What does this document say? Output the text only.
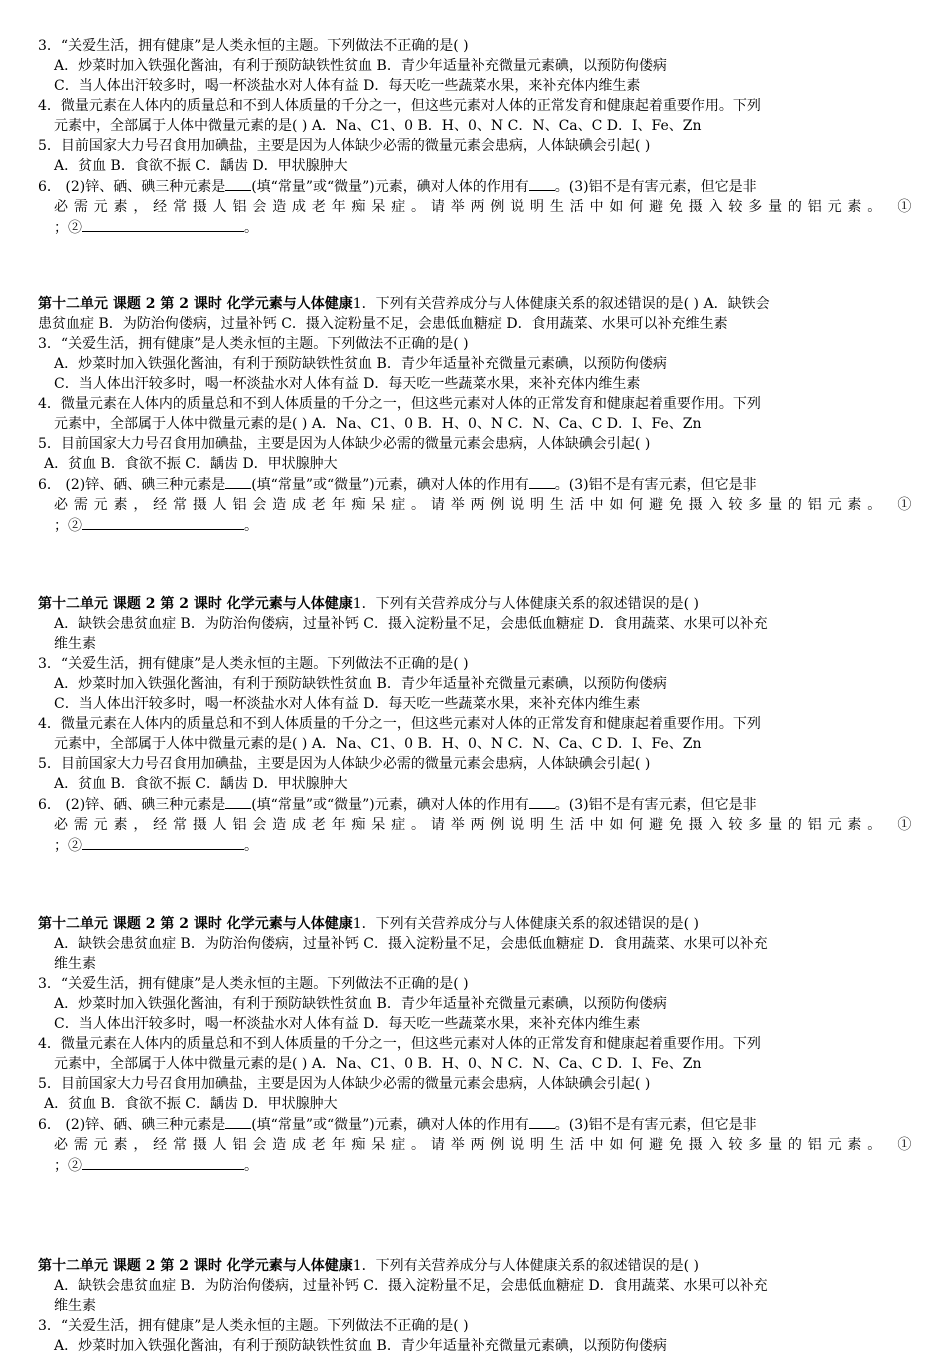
3．“关爱生活，拥有健康”是人类永恒的主题。下列做法不正确的是( )

A．炒菜时加入铁强化酱油，有利于预防缺铁性贫血 B．青少年适量补充微量元素碘，以预防佝偻病

C．当人体出汗较多时，喝一杯淡盐水对人体有益 D．每天吃一些蔬菜水果，来补充体内维生素

4．微量元素在人体内的质量总和不到人体质量的千分之一，但这些元素对人体的正常发育和健康起着重要作用。下列

元素中，全部属于人体中微量元素的是( ) A．Na、C1、0 B．H、0、N C．N、Ca、C D．I、Fe、Zn

5．目前国家大力号召食用加碘盐，主要是因为人体缺少必需的微量元素会患病，人体缺碘会引起( )

A．贫血 B．食欲不振 C．龋齿 D．甲状腺肿大

6． (2)锌、硒、碘三种元素是 (填“常量”或“微量”)元素，碘对人体的作用有 。(3)铝不是有害元素，但它是非

必需元素，经常摄人铝会造成老年痴呆症。请举两例说明生活中如何避免摄入较多量的铝元素。 ①

；②	。

第十二单元 课题 2 第 2 课时 化学元素与人体健康1．下列有关营养成分与人体健康关系的叙述错误的是( ) A．缺铁会

患贫血症 B．为防治佝偻病，过量补钙 C．摄入淀粉量不足，会患低血糖症 D．食用蔬菜、水果可以补充维生素

3．“关爱生活，拥有健康”是人类永恒的主题。下列做法不正确的是( )

A．炒菜时加入铁强化酱油，有利于预防缺铁性贫血 B．青少年适量补充微量元素碘，以预防佝偻病

C．当人体出汗较多时，喝一杯淡盐水对人体有益 D．每天吃一些蔬菜水果，来补充体内维生素

4．微量元素在人体内的质量总和不到人体质量的千分之一，但这些元素对人体的正常发育和健康起着重要作用。下列

元素中，全部属于人体中微量元素的是( ) A．Na、C1、0 B．H、0、N C．N、Ca、C D．I、Fe、Zn

5．目前国家大力号召食用加碘盐，主要是因为人体缺少必需的微量元素会患病，人体缺碘会引起( )

A．贫血 B．食欲不振 C．龋齿 D．甲状腺肿大

6． (2)锌、硒、碘三种元素是 (填“常量”或“微量”)元素，碘对人体的作用有 。(3)铝不是有害元素，但它是非

必需元素，经常摄人铝会造成老年痴呆症。请举两例说明生活中如何避免摄入较多量的铝元素。 ①

；②	。

第十二单元 课题 2 第 2 课时 化学元素与人体健康1．下列有关营养成分与人体健康关系的叙述错误的是( )

A．缺铁会患贫血症 B．为防治佝偻病，过量补钙 C．摄入淀粉量不足，会患低血糖症 D．食用蔬菜、水果可以补充

维生素

3．“关爱生活，拥有健康”是人类永恒的主题。下列做法不正确的是( )

A．炒菜时加入铁强化酱油，有利于预防缺铁性贫血 B．青少年适量补充微量元素碘，以预防佝偻病

C．当人体出汗较多时，喝一杯淡盐水对人体有益 D．每天吃一些蔬菜水果，来补充体内维生素

4．微量元素在人体内的质量总和不到人体质量的千分之一，但这些元素对人体的正常发育和健康起着重要作用。下列

元素中，全部属于人体中微量元素的是( ) A．Na、C1、0 B．H、0、N C．N、Ca、C D．I、Fe、Zn

5．目前国家大力号召食用加碘盐，主要是因为人体缺少必需的微量元素会患病，人体缺碘会引起( )

A．贫血 B．食欲不振 C．龋齿 D．甲状腺肿大

6． (2)锌、硒、碘三种元素是 (填“常量”或“微量”)元素，碘对人体的作用有 。(3)铝不是有害元素，但它是非

必需元素，经常摄人铝会造成老年痴呆症。请举两例说明生活中如何避免摄入较多量的铝元素。 ①

；②	。

第十二单元 课题 2 第 2 课时 化学元素与人体健康1．下列有关营养成分与人体健康关系的叙述错误的是( )

A．缺铁会患贫血症 B．为防治佝偻病，过量补钙 C．摄入淀粉量不足，会患低血糖症 D．食用蔬菜、水果可以补充

维生素

3．“关爱生活，拥有健康”是人类永恒的主题。下列做法不正确的是( )

A．炒菜时加入铁强化酱油，有利于预防缺铁性贫血 B．青少年适量补充微量元素碘，以预防佝偻病

C．当人体出汗较多时，喝一杯淡盐水对人体有益 D．每天吃一些蔬菜水果，来补充体内维生素

4．微量元素在人体内的质量总和不到人体质量的千分之一，但这些元素对人体的正常发育和健康起着重要作用。下列

元素中，全部属于人体中微量元素的是( ) A．Na、C1、0 B．H、0、N C．N、Ca、C D．I、Fe、Zn

5．目前国家大力号召食用加碘盐，主要是因为人体缺少必需的微量元素会患病，人体缺碘会引起( )

A．贫血 B．食欲不振 C．龋齿 D．甲状腺肿大

6． (2)锌、硒、碘三种元素是 (填“常量”或“微量”)元素，碘对人体的作用有 。(3)铝不是有害元素，但它是非

必需元素，经常摄人铝会造成老年痴呆症。请举两例说明生活中如何避免摄入较多量的铝元素。 ①

；②	。

第十二单元 课题 2 第 2 课时 化学元素与人体健康1．下列有关营养成分与人体健康关系的叙述错误的是( )

A．缺铁会患贫血症 B．为防治佝偻病，过量补钙 C．摄入淀粉量不足，会患低血糖症 D．食用蔬菜、水果可以补充

维生素

3．“关爱生活，拥有健康”是人类永恒的主题。下列做法不正确的是( )

A．炒菜时加入铁强化酱油，有利于预防缺铁性贫血 B．青少年适量补充微量元素碘，以预防佝偻病
